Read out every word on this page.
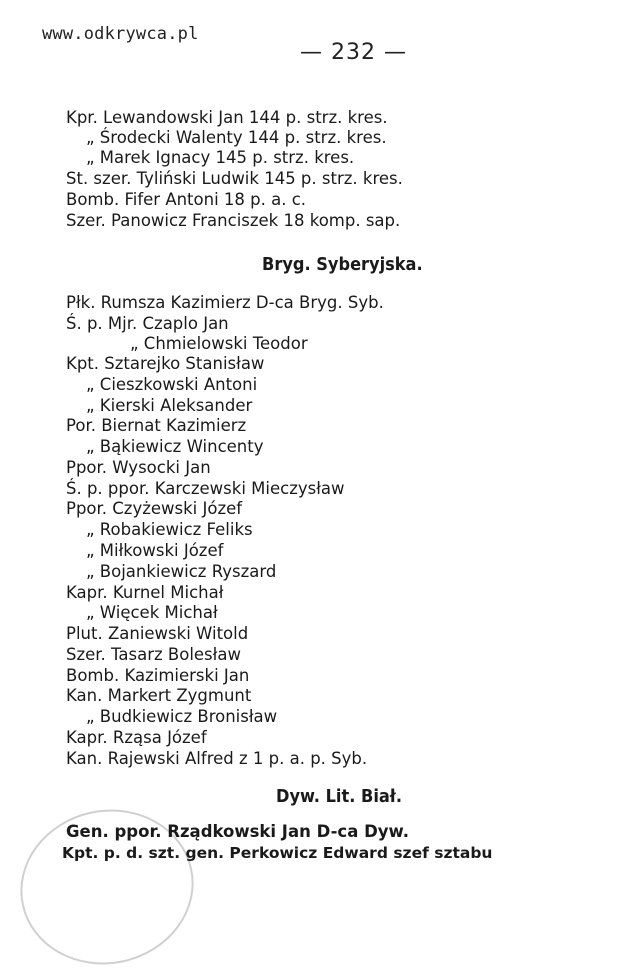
www.odkrywca.pl
— 232 —
Kpr. Lewandowski Jan 144 p. strz. kres.
„ Środecki Walenty 144 p. strz. kres.
„ Marek Ignacy 145 p. strz. kres.
St. szer. Tyliński Ludwik 145 p. strz. kres.
Bomb. Fifer Antoni 18 p. a. c.
Szer. Panowicz Franciszek 18 komp. sap.
Bryg. Syberyjska.
Płk. Rumsza Kazimierz D-ca Bryg. Syb.
Ś. p. Mjr. Czaplo Jan
„ Chmielowski Teodor
Kpt. Sztarejko Stanisław
„ Cieszkowski Antoni
„ Kierski Aleksander
Por. Biernat Kazimierz
„ Bąkiewicz Wincenty
Ppor. Wysocki Jan
Ś. p. ppor. Karczewski Mieczysław
Ppor. Czyżewski Józef
„ Robakiewicz Feliks
„ Miłkowski Józef
„ Bojankiewicz Ryszard
Kapr. Kurnel Michał
„ Więcek Michał
Plut. Zaniewski Witold
Szer. Tasarz Bolesław
Bomb. Kazimierski Jan
Kan. Markert Zygmunt
„ Budkiewicz Bronisław
Kapr. Rząsa Józef
Kan. Rajewski Alfred z 1 p. a. p. Syb.
Dyw. Lit. Biał.
Gen. ppor. Rządkowski Jan D-ca Dyw.
Kpt. p. d. szt. gen. Perkowicz Edward szef sztabu
